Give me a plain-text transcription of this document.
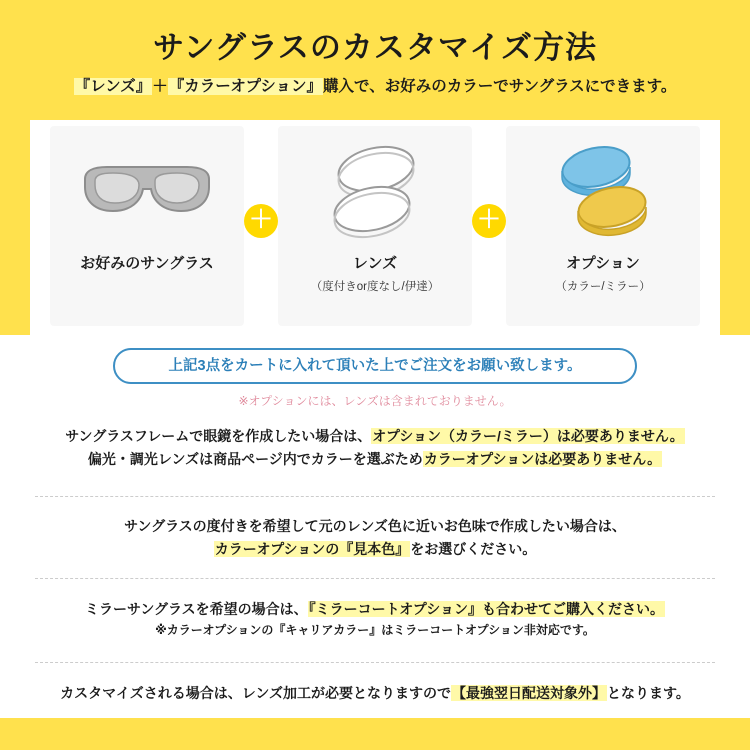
サングラスのカスタマイズ方法
『レンズ』＋『カラーオプション』購入で、お好みのカラーでサングラスにできます。
お好みのサングラス
＋
レンズ
（度付きor度なし/伊達）
＋
オプション
（カラー/ミラー）
上記3点をカートに入れて頂いた上でご注文をお願い致します。
※オプションには、レンズは含まれておりません。
サングラスフレームで眼鏡を作成したい場合は、オプション（カラー/ミラー）は必要ありません。
偏光・調光レンズは商品ページ内でカラーを選ぶためカラーオプションは必要ありません。
サングラスの度付きを希望して元のレンズ色に近いお色味で作成したい場合は、
カラーオプションの『見本色』をお選びください。
ミラーサングラスを希望の場合は、『ミラーコートオプション』も合わせてご購入ください。
※カラーオプションの『キャリアカラー』はミラーコートオプション非対応です。
カスタマイズされる場合は、レンズ加工が必要となりますので【最強翌日配送対象外】となります。
